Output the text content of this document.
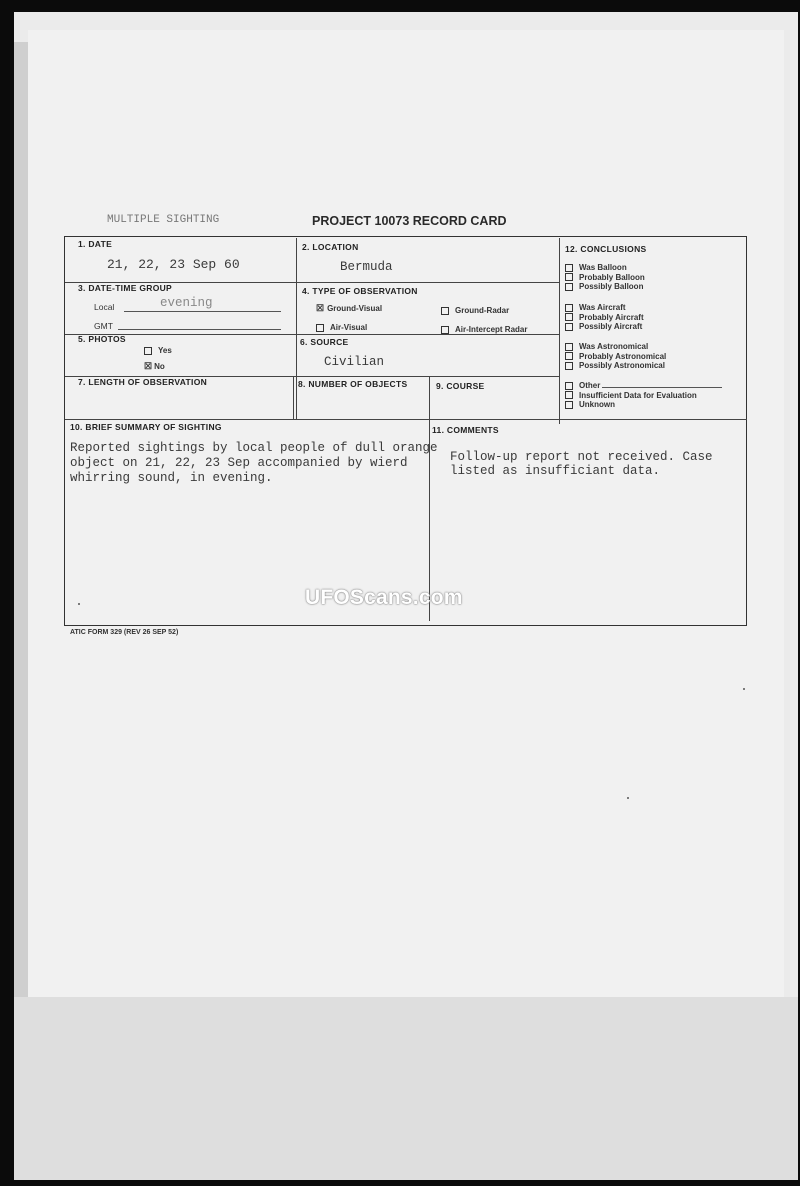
MULTIPLE SIGHTING	PROJECT 10073 RECORD CARD
1. DATE
21, 22, 23 Sep 60
2. LOCATION
Bermuda
3. DATE-TIME GROUP
Local	evening
GMT
4. TYPE OF OBSERVATION
☒ Ground-Visual	Ground-Radar
Air-Visual	Air-Intercept Radar
5. PHOTOS
Yes
☒ No
6. SOURCE
Civilian
7. LENGTH OF OBSERVATION	8. NUMBER OF OBJECTS	9. COURSE
10. BRIEF SUMMARY OF SIGHTING
Reported sightings by local people of dull orange
object on 21, 22, 23 Sep accompanied by wierd
whirring sound, in evening.
11. COMMENTS
Follow-up report not received. Case
listed as insufficiant data.
12. CONCLUSIONS
Was Balloon
Probably Balloon
Possibly Balloon
Was Aircraft
Probably Aircraft
Possibly Aircraft
Was Astronomical
Probably Astronomical
Possibly Astronomical
Other
Insufficient Data for Evaluation
Unknown
ATIC FORM 329 (REV 26 SEP 52)
UFOScans.com
